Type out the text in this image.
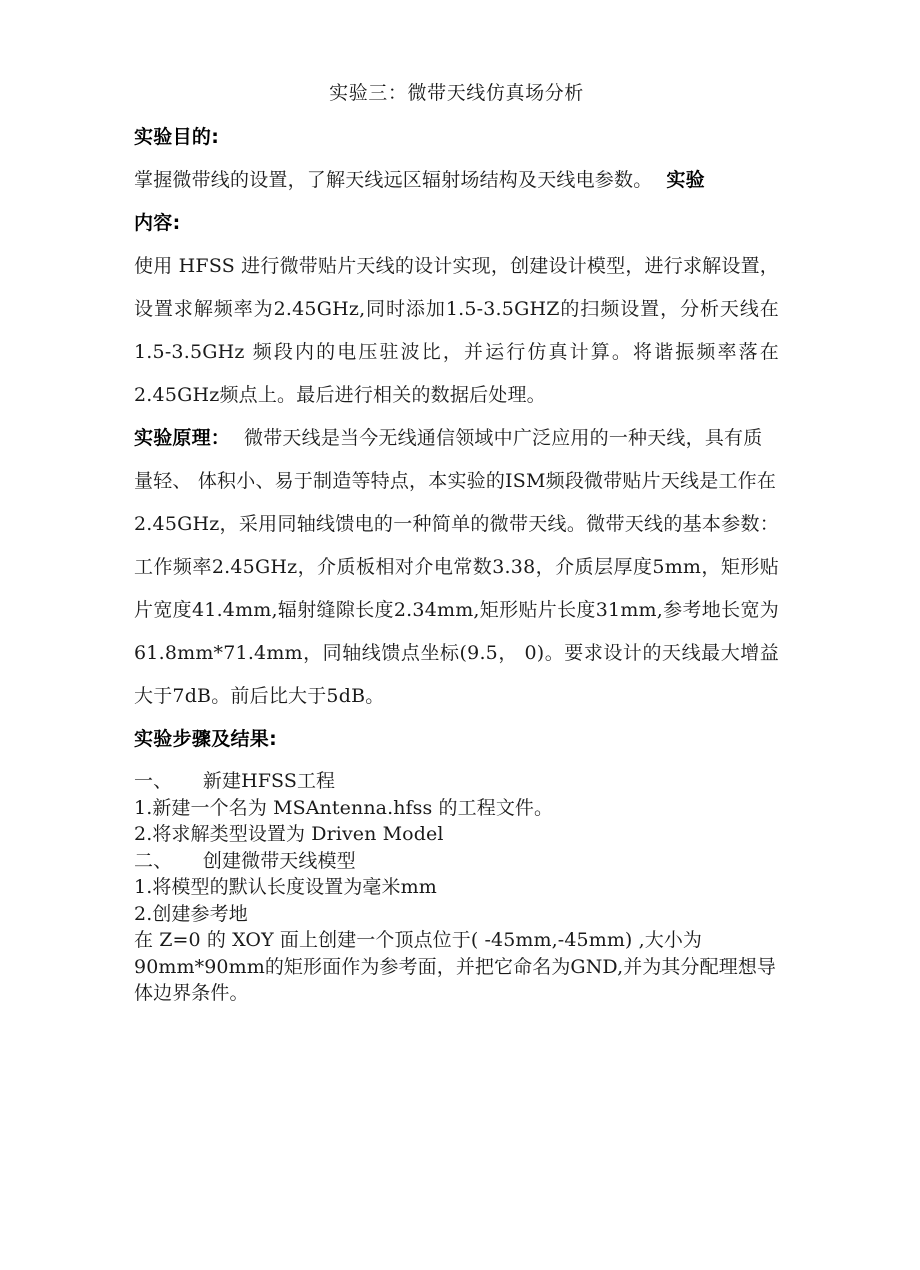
实验三：微带天线仿真场分析

实验目的:

掌握微带线的设置，了解天线远区辐射场结构及天线电参数。 实验

内容:

使用 HFSS 进行微带贴片天线的设计实现，创建设计模型，进行求解设置，设置求解频率为2.45GHz,同时添加1.5-3.5GHZ的扫频设置，分析天线在 1.5-3.5GHz 频段内的电压驻波比，并运行仿真计算。将谐振频率落在2.45GHz频点上。最后进行相关的数据后处理。

实验原理： 微带天线是当今无线通信领域中广泛应用的一种天线，具有质量轻、 体积小、易于制造等特点，本实验的ISM频段微带贴片天线是工作在

2.45GHz，采用同轴线馈电的一种简单的微带天线。微带天线的基本参数：工作频率2.45GHz，介质板相对介电常数3.38，介质层厚度5mm，矩形贴片宽度41.4mm,辐射缝隙长度2.34mm,矩形贴片长度31mm,参考地长宽为61.8mm*71.4mm，同轴线馈点坐标(9.5， 0)。要求设计的天线最大增益大于7dB。前后比大于5dB。

实验步骤及结果:

一、     新建HFSS工程

1.新建一个名为 MSAntenna.hfss 的工程文件。

2.将求解类型设置为 Driven Model

二、     创建微带天线模型

1.将模型的默认长度设置为毫米mm

2.创建参考地

在 Z=0 的 XOY 面上创建一个顶点位于( -45mm,-45mm) ,大小为 90mm*90mm的矩形面作为参考面，并把它命名为GND,并为其分配理想导体边界条件。
